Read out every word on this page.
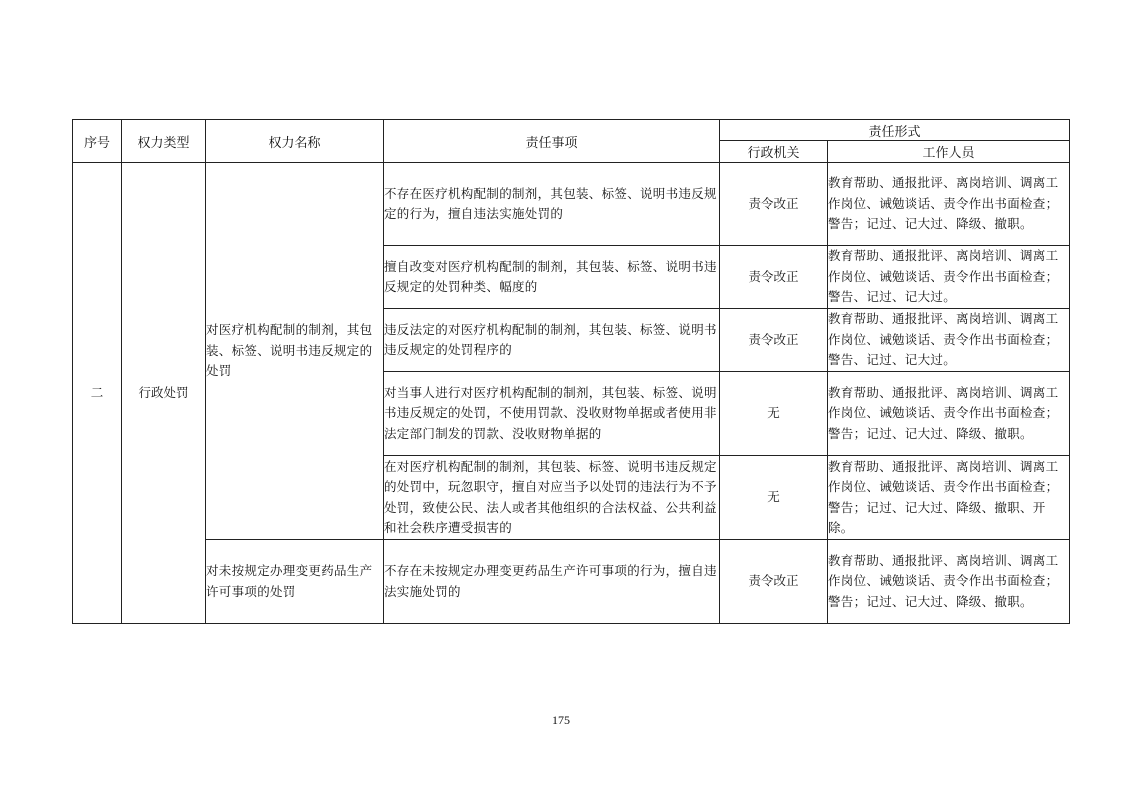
序号	权力类型	权力名称	责任事项	责任形式	
				行政机关	工作人员
二	行政处罚	对医疗机构配制的制剂，其包装、标签、说明书违反规定的处罚	不存在医疗机构配制的制剂，其包装、标签、说明书违反规定的行为，擅自违法实施处罚的	责令改正	教育帮助、通报批评、离岗培训、调离工作岗位、诫勉谈话、责令作出书面检查；警告；记过、记大过、降级、撤职。
			擅自改变对医疗机构配制的制剂，其包装、标签、说明书违反规定的处罚种类、幅度的	责令改正	教育帮助、通报批评、离岗培训、调离工作岗位、诫勉谈话、责令作出书面检查；警告、记过、记大过。
			违反法定的对医疗机构配制的制剂，其包装、标签、说明书违反规定的处罚程序的	责令改正	教育帮助、通报批评、离岗培训、调离工作岗位、诫勉谈话、责令作出书面检查；警告、记过、记大过。
			对当事人进行对医疗机构配制的制剂，其包装、标签、说明书违反规定的处罚，不使用罚款、没收财物单据或者使用非法定部门制发的罚款、没收财物单据的	无	教育帮助、通报批评、离岗培训、调离工作岗位、诫勉谈话、责令作出书面检查；警告；记过、记大过、降级、撤职。
			在对医疗机构配制的制剂，其包装、标签、说明书违反规定的处罚中，玩忽职守，擅自对应当予以处罚的违法行为不予处罚，致使公民、法人或者其他组织的合法权益、公共利益和社会秩序遭受损害的	无	教育帮助、通报批评、离岗培训、调离工作岗位、诫勉谈话、责令作出书面检查；警告；记过、记大过、降级、撤职、开除。
		对未按规定办理变更药品生产许可事项的处罚	不存在未按规定办理变更药品生产许可事项的行为，擅自违法实施处罚的	责令改正	教育帮助、通报批评、离岗培训、调离工作岗位、诫勉谈话、责令作出书面检查；警告；记过、记大过、降级、撤职。
175
